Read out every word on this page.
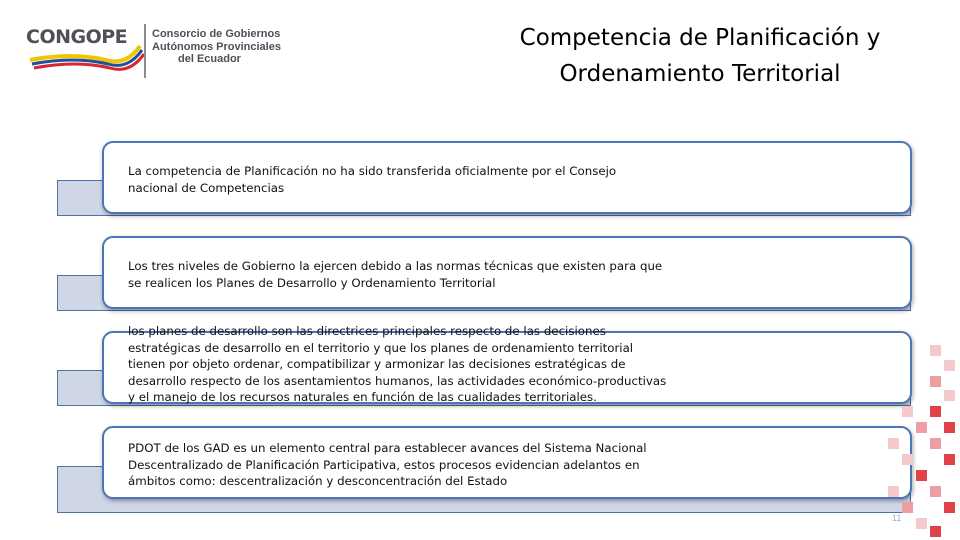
CONGOPE Consorcio de Gobiernos
Autónomos Provinciales
del Ecuador
Competencia de Planificación y
Ordenamiento Territorial
La competencia de Planificación no ha sido transferida oficialmente por el Consejo nacional de Competencias
Los tres niveles de Gobierno la ejercen debido a las normas técnicas que existen para que se realicen los Planes de Desarrollo y Ordenamiento Territorial
los planes de desarrollo son las directrices principales respecto de las decisiones estratégicas de desarrollo en el territorio y que los planes de ordenamiento territorial tienen por objeto ordenar, compatibilizar y armonizar las decisiones estratégicas de desarrollo respecto de los asentamientos humanos, las actividades económico-productivas y el manejo de los recursos naturales en función de las cualidades territoriales.
PDOT de los GAD es un elemento central para establecer avances del Sistema Nacional Descentralizado de Planificación Participativa, estos procesos evidencian adelantos en ámbitos como: descentralización y desconcentración del Estado
11
